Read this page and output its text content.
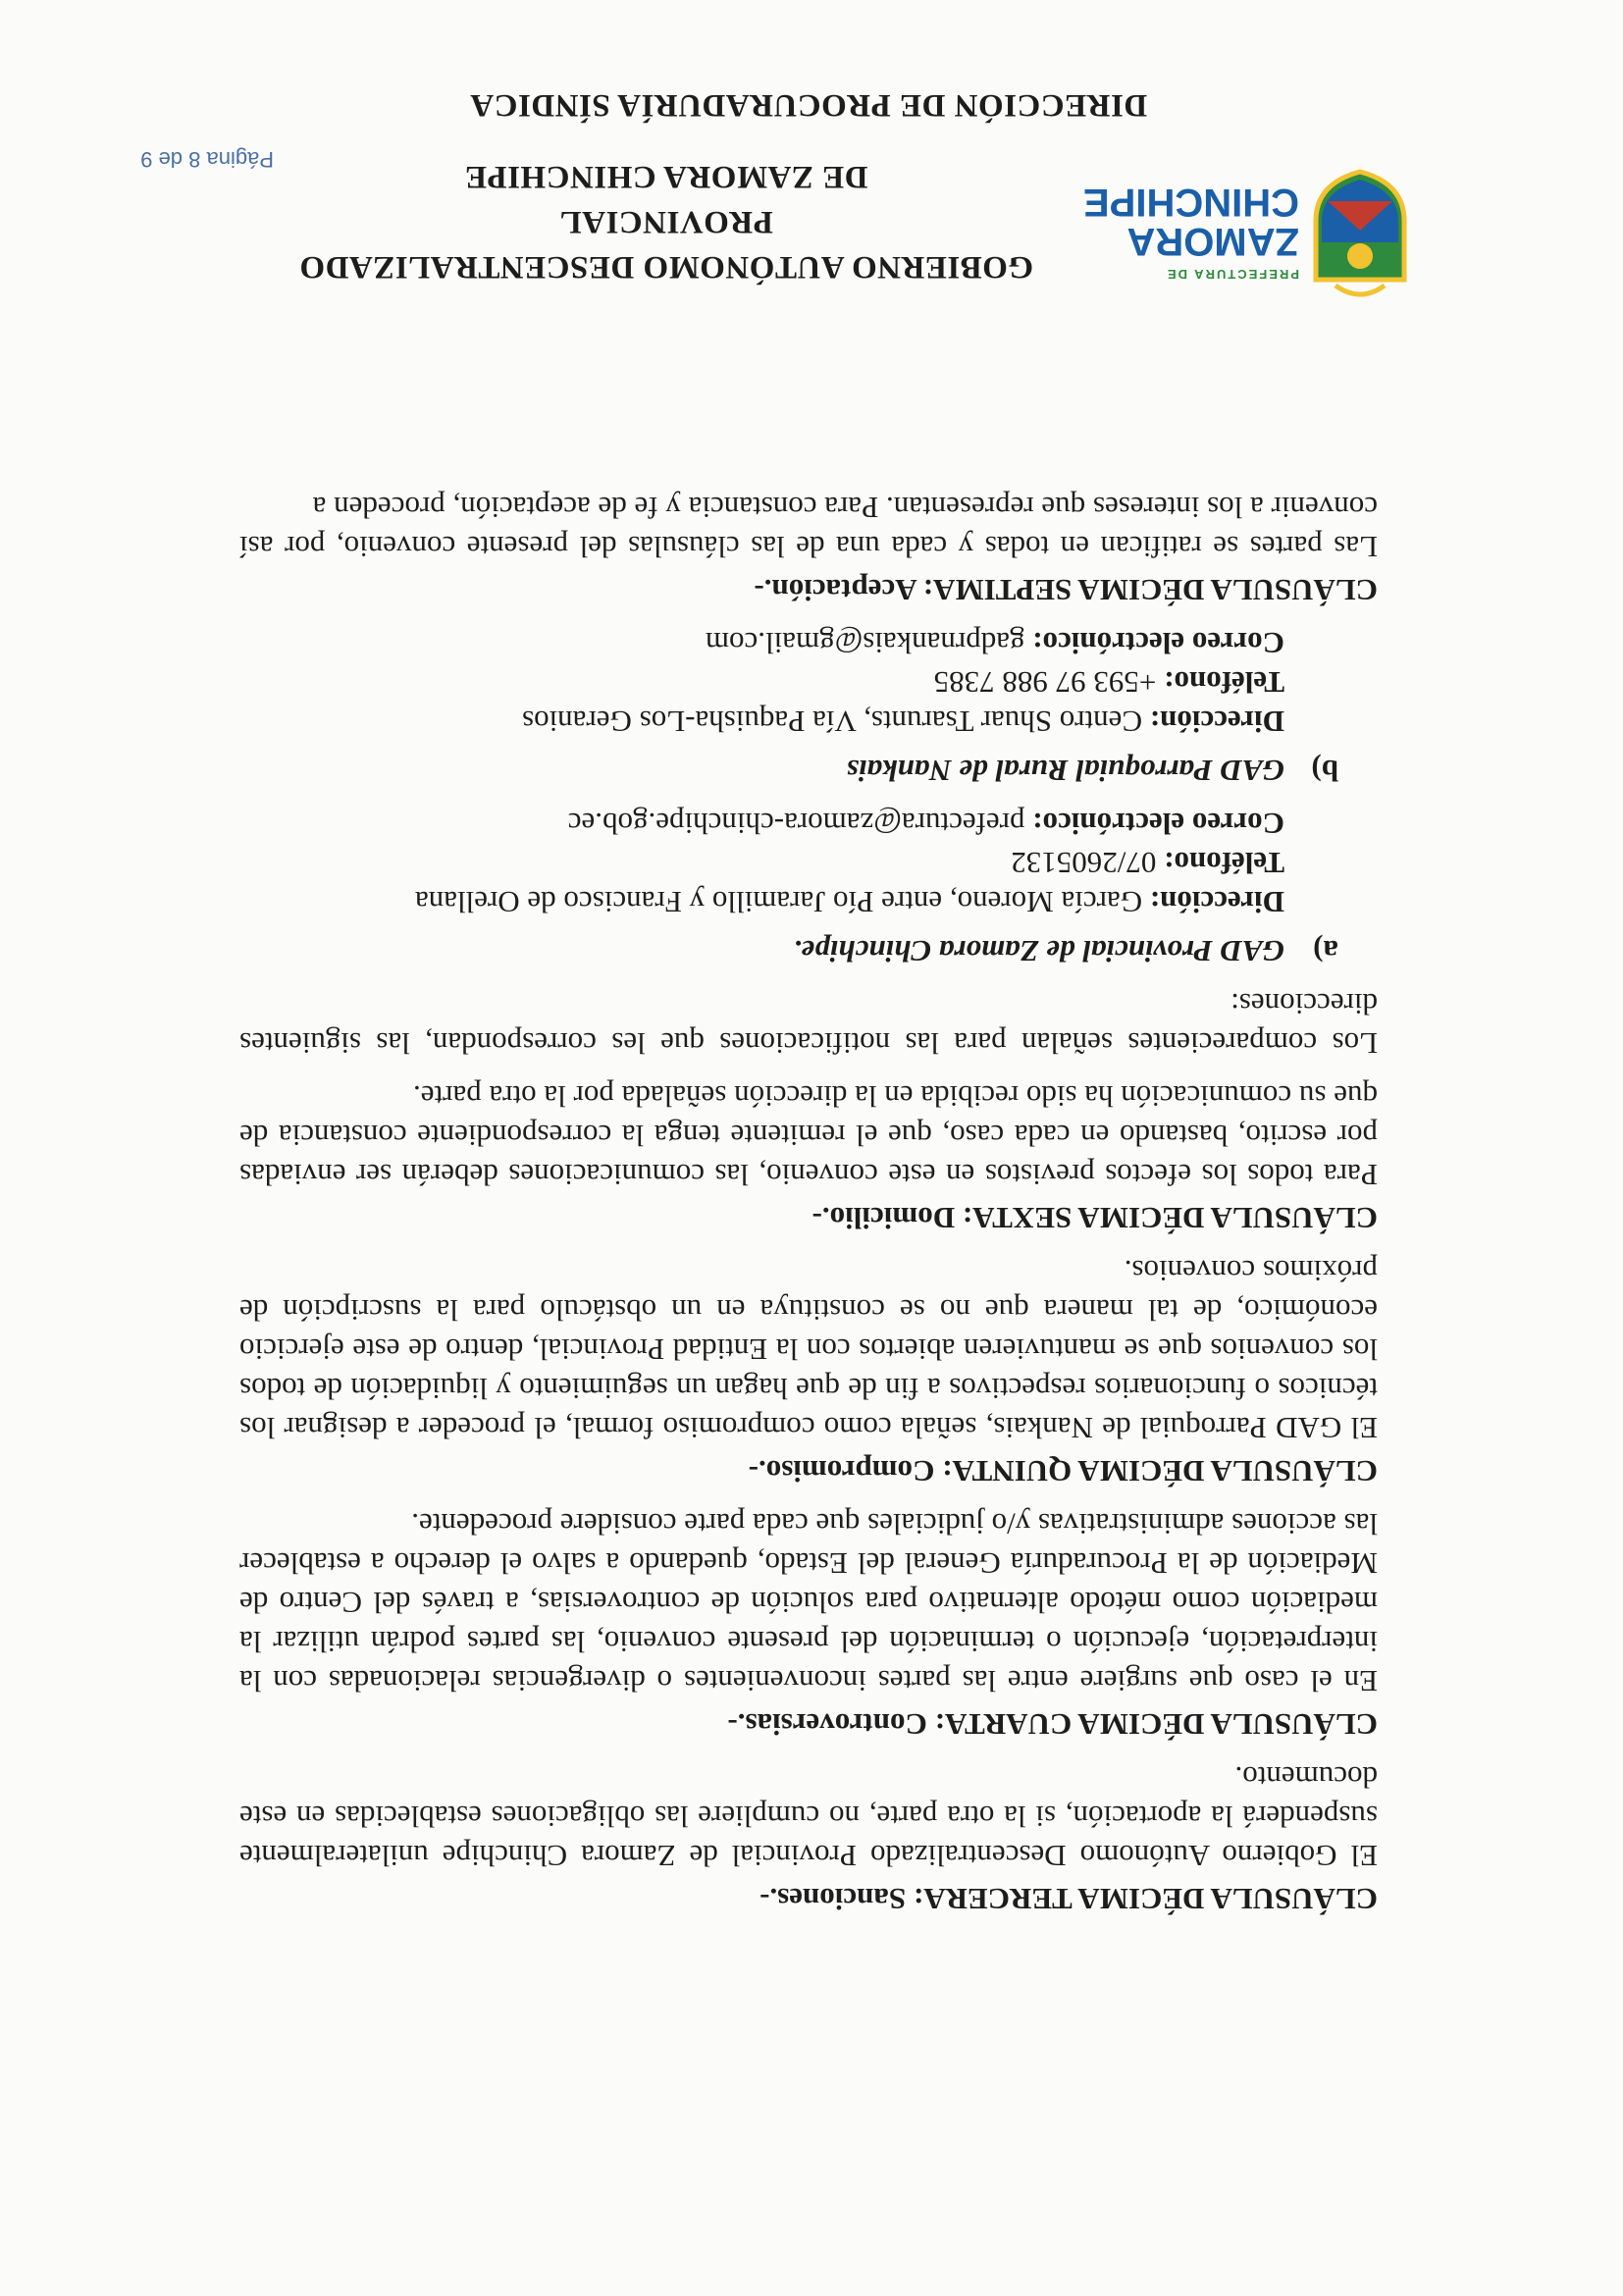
PREFECTURA DE
ZAMORA
CHINCHIPE
GOBIERNO AUTÓNOMO DESCENTRALIZADO PROVINCIAL
DE ZAMORA CHINCHIPE
DIRECCIÓN DE PROCURADURÍA SÍNDICA

CLÁUSULA DÉCIMA TERCERA: Sanciones.-

El Gobierno Autónomo Descentralizado Provincial de Zamora Chinchipe unilateralmente suspenderá la aportación, si la otra parte, no cumpliere las obligaciones establecidas en este documento.

CLÁUSULA DÉCIMA CUARTA: Controversias.-

En el caso que surgiere entre las partes inconvenientes o divergencias relacionadas con la interpretación, ejecución o terminación del presente convenio, las partes podrán utilizar la mediación como método alternativo para solución de controversias, a través del Centro de Mediación de la Procuraduría General del Estado, quedando a salvo el derecho a establecer las acciones administrativas y/o judiciales que cada parte considere procedente.

CLÁUSULA DÉCIMA QUINTA: Compromiso.-

El GAD Parroquial de Nankais, señala como compromiso formal, el proceder a designar los técnicos o funcionarios respectivos a fin de que hagan un seguimiento y liquidación de todos los convenios que se mantuvieren abiertos con la Entidad Provincial, dentro de este ejercicio económico, de tal manera que no se constituya en un obstáculo para la suscripción de próximos convenios.

CLÁUSULA DÉCIMA SEXTA: Domicilio.-

Para todos los efectos previstos en este convenio, las comunicaciones deberán ser enviadas por escrito, bastando en cada caso, que el remitente tenga la correspondiente constancia de que su comunicación ha sido recibida en la dirección señalada por la otra parte.

Los comparecientes señalan para las notificaciones que les correspondan, las siguientes direcciones:

a)GAD Provincial de Zamora Chinchipe.

Dirección: García Moreno, entre Pío Jaramillo y Francisco de Orellana

Teléfono: 07/2605132

Correo electrónico: prefectura@zamora-chinchipe.gob.ec

b)GAD Parroquial Rural de Nankais

Dirección: Centro Shuar Tsarunts, Vía Paquisha-Los Geranios

Teléfono: +593 97 988 7385

Correo electrónico: gadprnankais@gmail.com

CLÁUSULA DÉCIMA SEPTIMA: Aceptación.-

Las partes se ratifican en todas y cada una de las cláusulas del presente convenio, por así convenir a los intereses que representan. Para constancia y fe de aceptación, proceden a

Página 8 de 9
